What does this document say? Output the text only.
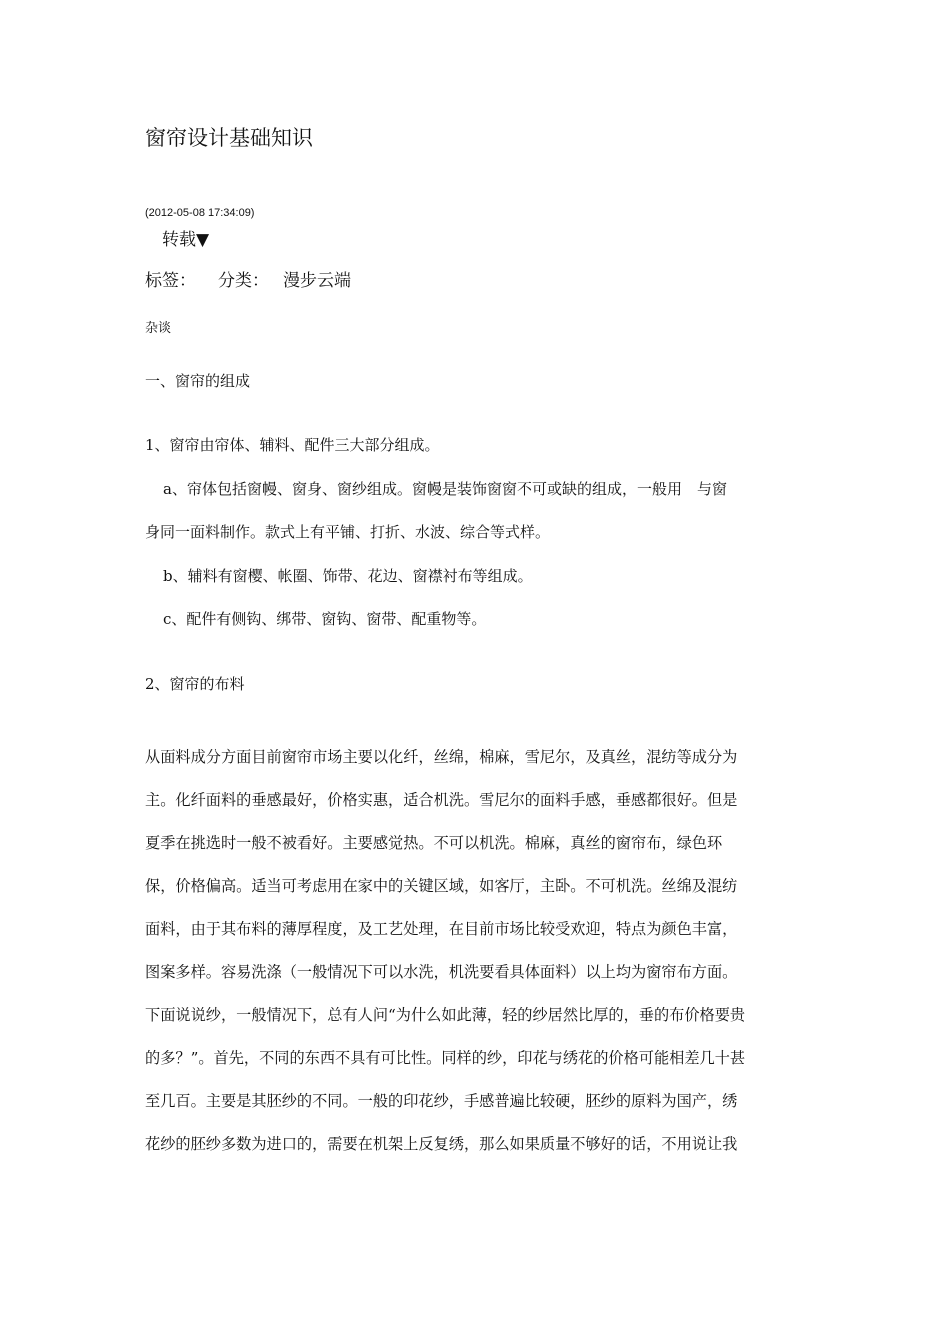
窗帘设计基础知识
(2012-05-08 17:34:09)
转载▼
标签： 分类： 漫步云端
杂谈
一、窗帘的组成
1、窗帘由帘体、辅料、配件三大部分组成。
a、帘体包括窗幔、窗身、窗纱组成。窗幔是装饰窗窗不可或缺的组成，一般用　与窗
身同一面料制作。款式上有平铺、打折、水波、综合等式样。
b、辅料有窗樱、帐圈、饰带、花边、窗襟衬布等组成。
c、配件有侧钩、绑带、窗钩、窗带、配重物等。
2、窗帘的布料
从面料成分方面目前窗帘市场主要以化纤，丝绵，棉麻，雪尼尔，及真丝，混纺等成分为
主。化纤面料的垂感最好，价格实惠，适合机洗。雪尼尔的面料手感，垂感都很好。但是
夏季在挑选时一般不被看好。主要感觉热。不可以机洗。棉麻，真丝的窗帘布，绿色环
保，价格偏高。适当可考虑用在家中的关键区域，如客厅，主卧。不可机洗。丝绵及混纺
面料，由于其布料的薄厚程度，及工艺处理，在目前市场比较受欢迎，特点为颜色丰富，
图案多样。容易洗涤（一般情况下可以水洗，机洗要看具体面料）以上均为窗帘布方面。
下面说说纱，一般情况下，总有人问“为什么如此薄，轻的纱居然比厚的，垂的布价格要贵
的多？”。首先，不同的东西不具有可比性。同样的纱，印花与绣花的价格可能相差几十甚
至几百。主要是其胚纱的不同。一般的印花纱，手感普遍比较硬，胚纱的原料为国产，绣
花纱的胚纱多数为进口的，需要在机架上反复绣，那么如果质量不够好的话，不用说让我
